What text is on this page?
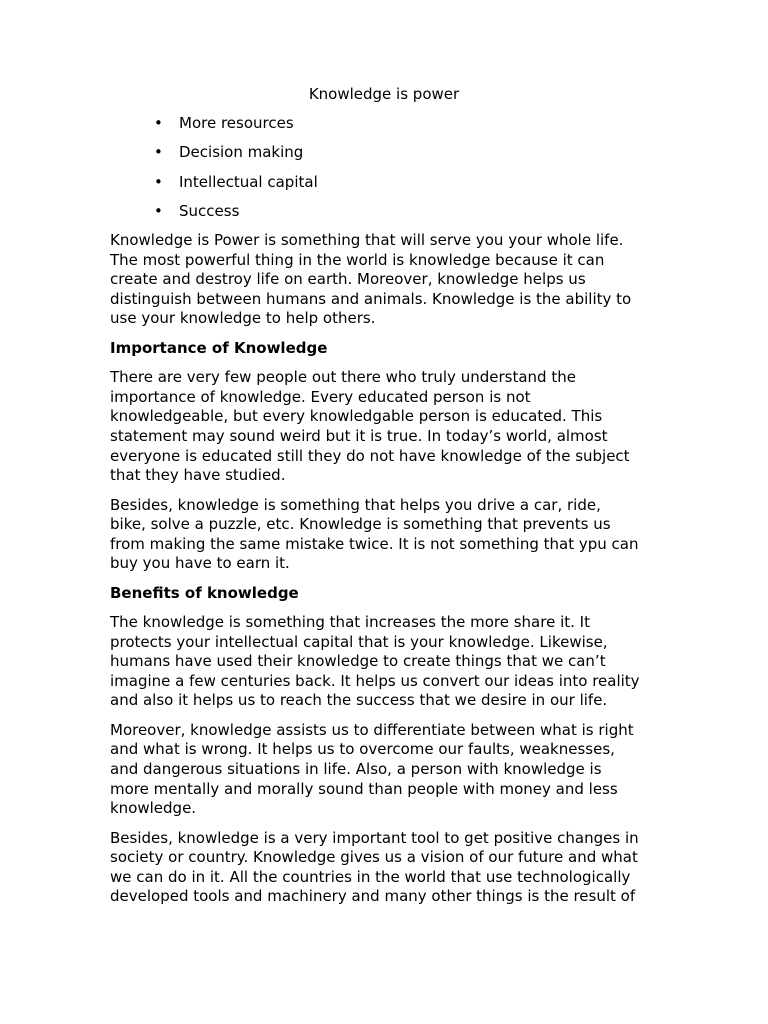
Knowledge is power
• More resources
• Decision making
• Intellectual capital
• Success

Knowledge is Power is something that will serve you your whole life.
The most powerful thing in the world is knowledge because it can
create and destroy life on earth. Moreover, knowledge helps us
distinguish between humans and animals. Knowledge is the ability to
use your knowledge to help others.

Importance of Knowledge

There are very few people out there who truly understand the
importance of knowledge. Every educated person is not
knowledgeable, but every knowledgable person is educated. This
statement may sound weird but it is true. In today’s world, almost
everyone is educated still they do not have knowledge of the subject
that they have studied.

Besides, knowledge is something that helps you drive a car, ride,
bike, solve a puzzle, etc. Knowledge is something that prevents us
from making the same mistake twice. It is not something that ypu can
buy you have to earn it.

Benefits of knowledge

The knowledge is something that increases the more share it. It
protects your intellectual capital that is your knowledge. Likewise,
humans have used their knowledge to create things that we can’t
imagine a few centuries back. It helps us convert our ideas into reality
and also it helps us to reach the success that we desire in our life.

Moreover, knowledge assists us to differentiate between what is right
and what is wrong. It helps us to overcome our faults, weaknesses,
and dangerous situations in life. Also, a person with knowledge is
more mentally and morally sound than people with money and less
knowledge.

Besides, knowledge is a very important tool to get positive changes in
society or country. Knowledge gives us a vision of our future and what
we can do in it. All the countries in the world that use technologically
developed tools and machinery and many other things is the result of
